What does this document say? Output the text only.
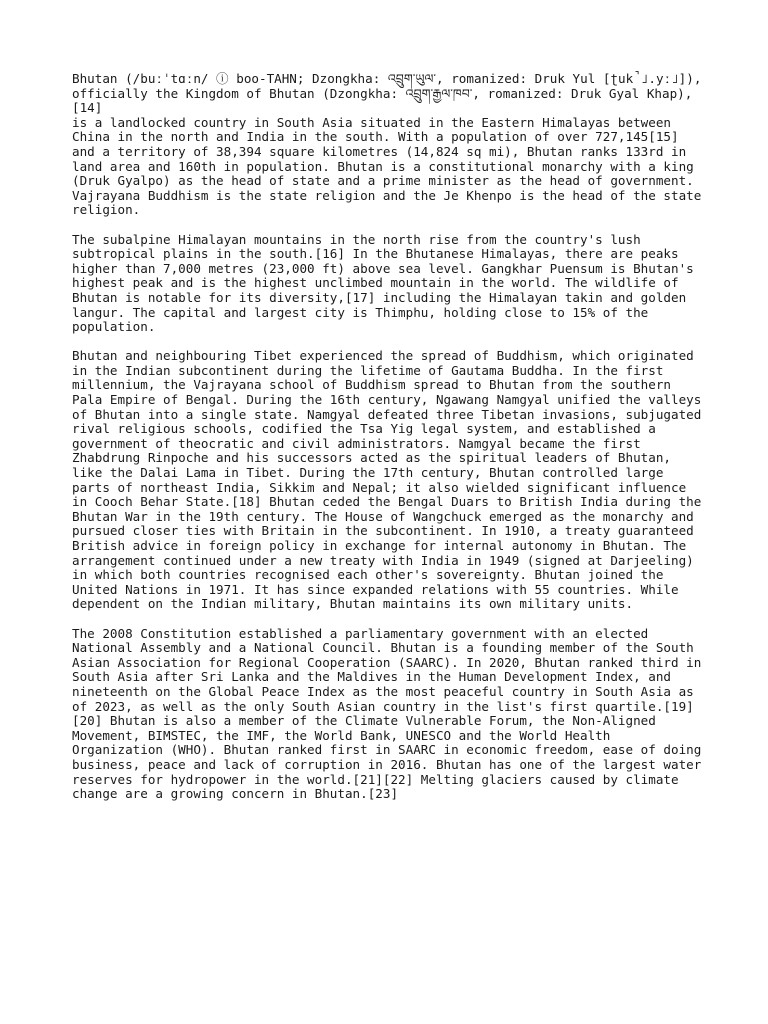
Bhutan (/buːˈtɑːn/ ⓘ boo-TAHN; Dzongkha: འབྲུག་ཡུལ་, romanized: Druk Yul [ʈuk̚˩.yː˩]),
officially the Kingdom of Bhutan (Dzongkha: འབྲུག་རྒྱལ་ཁབ་, romanized: Druk Gyal Khap),[14]
is a landlocked country in South Asia situated in the Eastern Himalayas between
China in the north and India in the south. With a population of over 727,145[15]
and a territory of 38,394 square kilometres (14,824 sq mi), Bhutan ranks 133rd in
land area and 160th in population. Bhutan is a constitutional monarchy with a king
(Druk Gyalpo) as the head of state and a prime minister as the head of government.
Vajrayana Buddhism is the state religion and the Je Khenpo is the head of the state
religion.

The subalpine Himalayan mountains in the north rise from the country's lush
subtropical plains in the south.[16] In the Bhutanese Himalayas, there are peaks
higher than 7,000 metres (23,000 ft) above sea level. Gangkhar Puensum is Bhutan's
highest peak and is the highest unclimbed mountain in the world. The wildlife of
Bhutan is notable for its diversity,[17] including the Himalayan takin and golden
langur. The capital and largest city is Thimphu, holding close to 15% of the
population.

Bhutan and neighbouring Tibet experienced the spread of Buddhism, which originated
in the Indian subcontinent during the lifetime of Gautama Buddha. In the first
millennium, the Vajrayana school of Buddhism spread to Bhutan from the southern
Pala Empire of Bengal. During the 16th century, Ngawang Namgyal unified the valleys
of Bhutan into a single state. Namgyal defeated three Tibetan invasions, subjugated
rival religious schools, codified the Tsa Yig legal system, and established a
government of theocratic and civil administrators. Namgyal became the first
Zhabdrung Rinpoche and his successors acted as the spiritual leaders of Bhutan,
like the Dalai Lama in Tibet. During the 17th century, Bhutan controlled large
parts of northeast India, Sikkim and Nepal; it also wielded significant influence
in Cooch Behar State.[18] Bhutan ceded the Bengal Duars to British India during the
Bhutan War in the 19th century. The House of Wangchuck emerged as the monarchy and
pursued closer ties with Britain in the subcontinent. In 1910, a treaty guaranteed
British advice in foreign policy in exchange for internal autonomy in Bhutan. The
arrangement continued under a new treaty with India in 1949 (signed at Darjeeling)
in which both countries recognised each other's sovereignty. Bhutan joined the
United Nations in 1971. It has since expanded relations with 55 countries. While
dependent on the Indian military, Bhutan maintains its own military units.

The 2008 Constitution established a parliamentary government with an elected
National Assembly and a National Council. Bhutan is a founding member of the South
Asian Association for Regional Cooperation (SAARC). In 2020, Bhutan ranked third in
South Asia after Sri Lanka and the Maldives in the Human Development Index, and
nineteenth on the Global Peace Index as the most peaceful country in South Asia as
of 2023, as well as the only South Asian country in the list's first quartile.[19]
[20] Bhutan is also a member of the Climate Vulnerable Forum, the Non-Aligned
Movement, BIMSTEC, the IMF, the World Bank, UNESCO and the World Health
Organization (WHO). Bhutan ranked first in SAARC in economic freedom, ease of doing
business, peace and lack of corruption in 2016. Bhutan has one of the largest water
reserves for hydropower in the world.[21][22] Melting glaciers caused by climate
change are a growing concern in Bhutan.[23]
